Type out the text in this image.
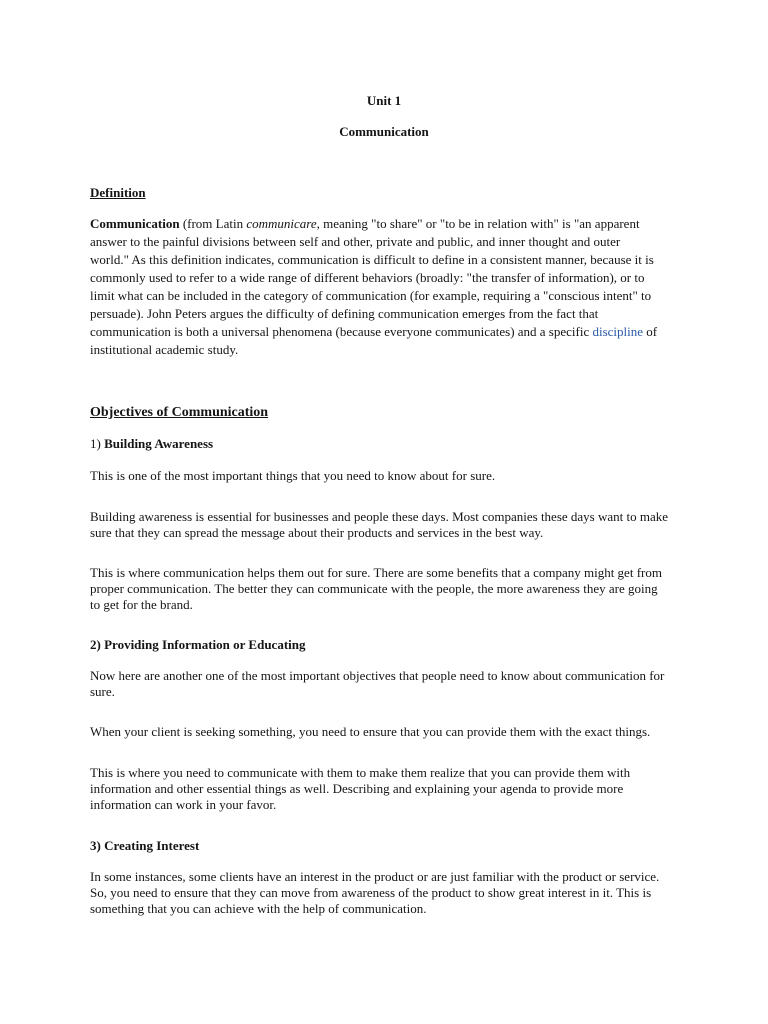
Unit 1
Communication
Definition
Communication (from Latin communicare, meaning "to share" or "to be in relation with" is "an apparent
answer to the painful divisions between self and other, private and public, and inner thought and outer
world." As this definition indicates, communication is difficult to define in a consistent manner, because it is
commonly used to refer to a wide range of different behaviors (broadly: "the transfer of information), or to
limit what can be included in the category of communication (for example, requiring a "conscious intent" to
persuade). John Peters argues the difficulty of defining communication emerges from the fact that
communication is both a universal phenomena (because everyone communicates) and a specific discipline of
institutional academic study.
Objectives of Communication
1) Building Awareness
This is one of the most important things that you need to know about for sure.
Building awareness is essential for businesses and people these days. Most companies these days want to make
sure that they can spread the message about their products and services in the best way.
This is where communication helps them out for sure. There are some benefits that a company might get from
proper communication. The better they can communicate with the people, the more awareness they are going
to get for the brand.
2) Providing Information or Educating
Now here are another one of the most important objectives that people need to know about communication for
sure.
When your client is seeking something, you need to ensure that you can provide them with the exact things.
This is where you need to communicate with them to make them realize that you can provide them with
information and other essential things as well. Describing and explaining your agenda to provide more
information can work in your favor.
3) Creating Interest
In some instances, some clients have an interest in the product or are just familiar with the product or service.
So, you need to ensure that they can move from awareness of the product to show great interest in it. This is
something that you can achieve with the help of communication.
